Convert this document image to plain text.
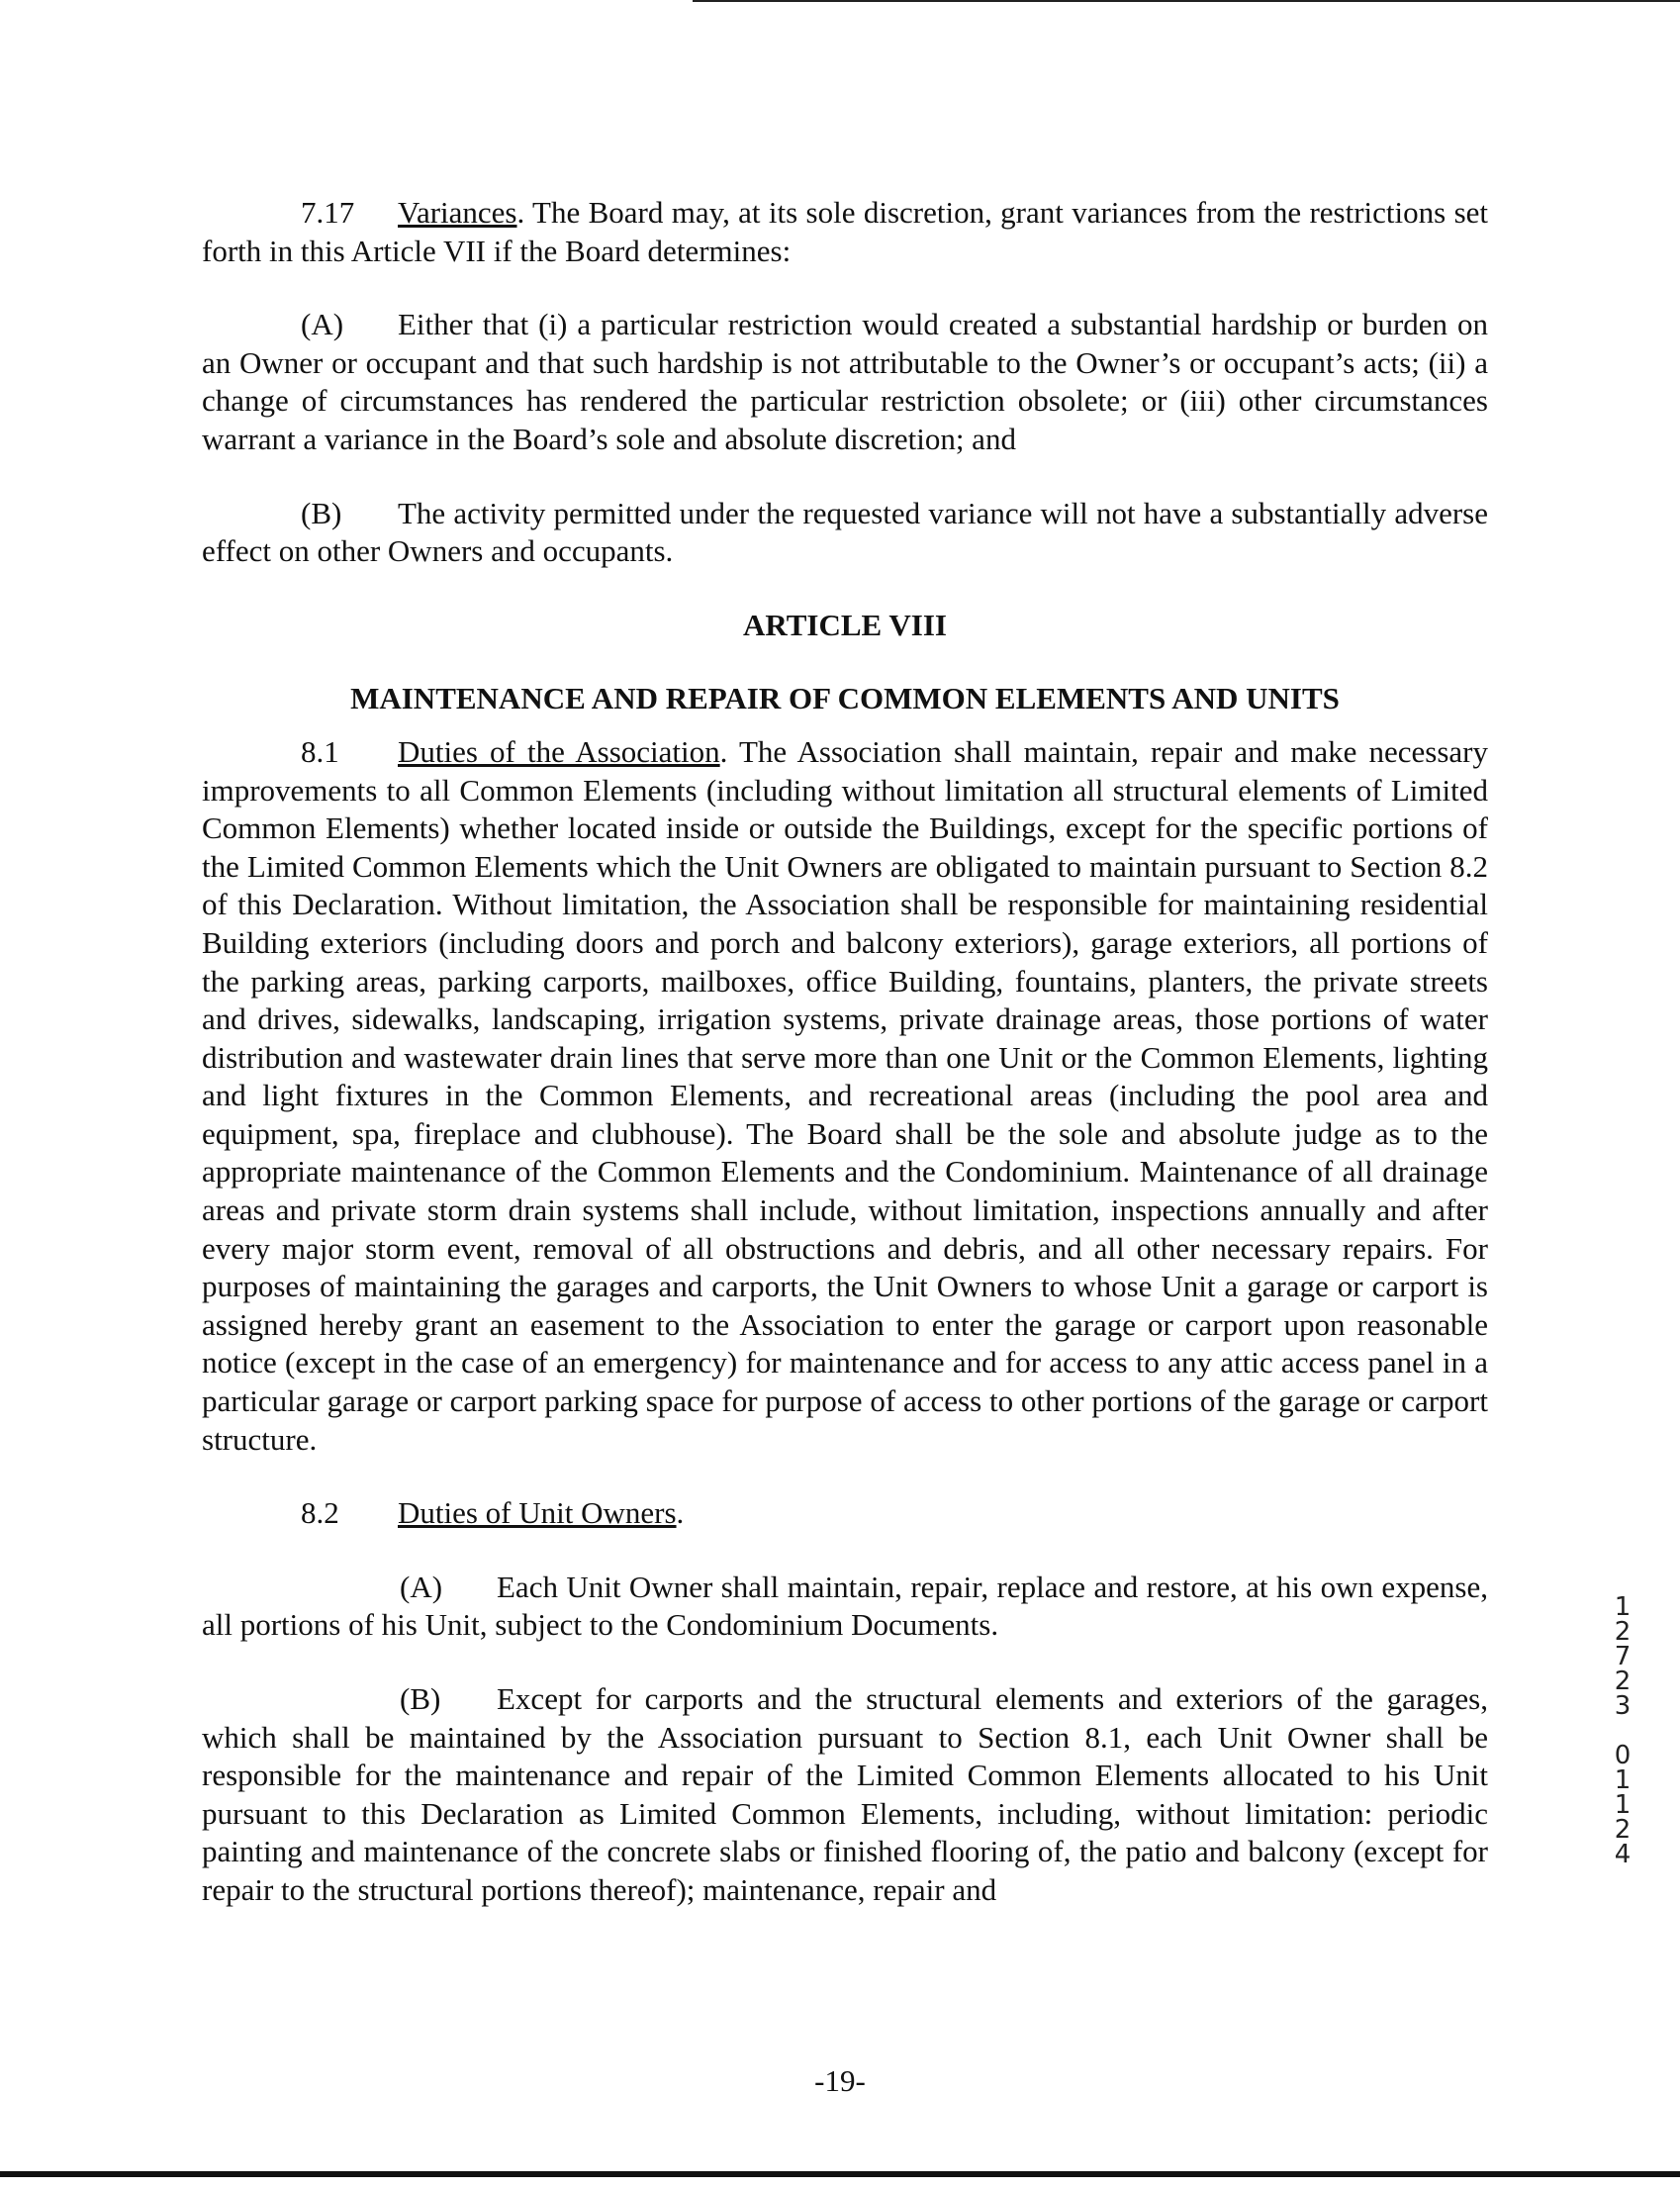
7.17 Variances. The Board may, at its sole discretion, grant variances from the restrictions set forth in this Article VII if the Board determines:

(A) Either that (i) a particular restriction would created a substantial hardship or burden on an Owner or occupant and that such hardship is not attributable to the Owner’s or occupant’s acts; (ii) a change of circumstances has rendered the particular restriction obsolete; or (iii) other circumstances warrant a variance in the Board’s sole and absolute discretion; and

(B) The activity permitted under the requested variance will not have a substantially adverse effect on other Owners and occupants.

ARTICLE VIII

MAINTENANCE AND REPAIR OF COMMON ELEMENTS AND UNITS

8.1 Duties of the Association. The Association shall maintain, repair and make necessary improvements to all Common Elements (including without limitation all structural elements of Limited Common Elements) whether located inside or outside the Buildings, except for the specific portions of the Limited Common Elements which the Unit Owners are obligated to maintain pursuant to Section 8.2 of this Declaration. Without limitation, the Association shall be responsible for maintaining residential Building exteriors (including doors and porch and balcony exteriors), garage exteriors, all portions of the parking areas, parking carports, mailboxes, office Building, fountains, planters, the private streets and drives, sidewalks, landscaping, irrigation systems, private drainage areas, those portions of water distribution and wastewater drain lines that serve more than one Unit or the Common Elements, lighting and light fixtures in the Common Elements, and recreational areas (including the pool area and equipment, spa, fireplace and clubhouse). The Board shall be the sole and absolute judge as to the appropriate maintenance of the Common Elements and the Condominium. Maintenance of all drainage areas and private storm drain systems shall include, without limitation, inspections annually and after every major storm event, removal of all obstructions and debris, and all other necessary repairs. For purposes of maintaining the garages and carports, the Unit Owners to whose Unit a garage or carport is assigned hereby grant an easement to the Association to enter the garage or carport upon reasonable notice (except in the case of an emergency) for maintenance and for access to any attic access panel in a particular garage or carport parking space for purpose of access to other portions of the garage or carport structure.

8.2 Duties of Unit Owners.

(A) Each Unit Owner shall maintain, repair, replace and restore, at his own expense, all portions of his Unit, subject to the Condominium Documents.

(B) Except for carports and the structural elements and exteriors of the garages, which shall be maintained by the Association pursuant to Section 8.1, each Unit Owner shall be responsible for the maintenance and repair of the Limited Common Elements allocated to his Unit pursuant to this Declaration as Limited Common Elements, including, without limitation: periodic painting and maintenance of the concrete slabs or finished flooring of, the patio and balcony (except for repair to the structural portions thereof); maintenance, repair and

1
2
7
2
3

0
1
1
2
4
-19-
